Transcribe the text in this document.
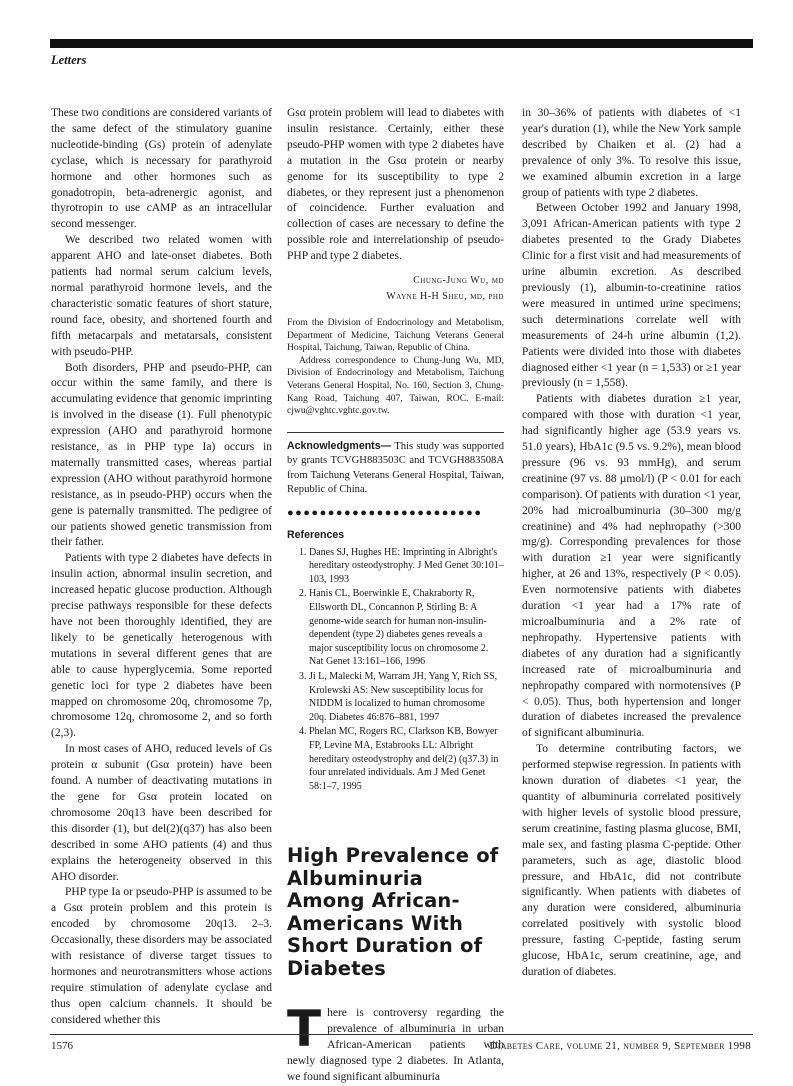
Letters

These two conditions are considered variants of the same defect of the stimulatory guanine nucleotide-binding (Gs) protein of adenylate cyclase, which is necessary for parathyroid hormone and other hormones such as gonadotropin, beta-adrenergic agonist, and thyrotropin to use cAMP as an intracellular second messenger.

We described two related women with apparent AHO and late-onset diabetes. Both patients had normal serum calcium levels, normal parathyroid hormone levels, and the characteristic somatic features of short stature, round face, obesity, and shortened fourth and fifth metacarpals and metatarsals, consistent with pseudo-PHP.

Both disorders, PHP and pseudo-PHP, can occur within the same family, and there is accumulating evidence that genomic imprinting is involved in the disease (1). Full phenotypic expression (AHO and parathyroid hormone resistance, as in PHP type Ia) occurs in maternally transmitted cases, whereas partial expression (AHO without parathyroid hormone resistance, as in pseudo-PHP) occurs when the gene is paternally transmitted. The pedigree of our patients showed genetic transmission from their father.

Patients with type 2 diabetes have defects in insulin action, abnormal insulin secretion, and increased hepatic glucose production. Although precise pathways responsible for these defects have not been thoroughly identified, they are likely to be genetically heterogenous with mutations in several different genes that are able to cause hyperglycemia. Some reported genetic loci for type 2 diabetes have been mapped on chromosome 20q, chromosome 7p, chromosome 12q, chromosome 2, and so forth (2,3).

In most cases of AHO, reduced levels of Gs protein α subunit (Gsα protein) have been found. A number of deactivating mutations in the gene for Gsα protein located on chromosome 20q13 have been described for this disorder (1), but del(2)(q37) has also been described in some AHO patients (4) and thus explains the heterogeneity observed in this AHO disorder.

PHP type Ia or pseudo-PHP is assumed to be a Gsα protein problem and this protein is encoded by chromosome 20q13. 2–3. Occasionally, these disorders may be associated with resistance of diverse target tissues to hormones and neurotransmitters whose actions require stimulation of adenylate cyclase and thus open calcium channels. It should be considered whether this

Gsα protein problem will lead to diabetes with insulin resistance. Certainly, either these pseudo-PHP women with type 2 diabetes have a mutation in the Gsα protein or nearby genome for its susceptibility to type 2 diabetes, or they represent just a phenomenon of coincidence. Further evaluation and collection of cases are necessary to define the possible role and interrelationship of pseudo-PHP and type 2 diabetes.

Chung-Jung Wu, md
Wayne H-H Sheu, md, phd

From the Division of Endocrinology and Metabolism, Department of Medicine, Taichung Veterans General Hospital, Taichung, Taiwan, Republic of China.

Address correspondence to Chung-Jung Wu, MD, Division of Endocrinology and Metabolism, Taichung Veterans General Hospital, No. 160, Section 3, Chung-Kang Road, Taichung 407, Taiwan, ROC. E-mail: cjwu@vghtc.vghtc.gov.tw.

Acknowledgments— This study was supported by grants TCVGH883503C and TCVGH883508A from Taichung Veterans General Hospital, Taiwan, Republic of China.

●●●●●●●●●●●●●●●●●●●●●●●●
References
1. Danes SJ, Hughes HE: Imprinting in Albright's hereditary osteodystrophy. J Med Genet 30:101–103, 1993
2. Hanis CL, Boerwinkle E, Chakraborty R, Ellsworth DL, Concannon P, Stirling B: A genome-wide search for human non-insulin-dependent (type 2) diabetes genes reveals a major susceptibility locus on chromosome 2. Nat Genet 13:161–166, 1996
3. Ji L, Malecki M, Warram JH, Yang Y, Rich SS, Krolewski AS: New susceptibility locus for NIDDM is localized to human chromosome 20q. Diabetes 46:876–881, 1997
4. Phelan MC, Rogers RC, Clarkson KB, Bowyer FP, Levine MA, Estabrooks LL: Albright hereditary osteodystrophy and del(2) (q37.3) in four unrelated individuals. Am J Med Genet 58:1–7, 1995
High Prevalence of Albuminuria Among African-Americans With Short Duration of Diabetes

There is controversy regarding the prevalence of albuminuria in urban African-American patients with newly diagnosed type 2 diabetes. In Atlanta, we found significant albuminuria

in 30–36% of patients with diabetes of <1 year's duration (1), while the New York sample described by Chaiken et al. (2) had a prevalence of only 3%. To resolve this issue, we examined albumin excretion in a large group of patients with type 2 diabetes.

Between October 1992 and January 1998, 3,091 African-American patients with type 2 diabetes presented to the Grady Diabetes Clinic for a first visit and had measurements of urine albumin excretion. As described previously (1), albumin-to-creatinine ratios were measured in untimed urine specimens; such determinations correlate well with measurements of 24-h urine albumin (1,2). Patients were divided into those with diabetes diagnosed either <1 year (n = 1,533) or ≥1 year previously (n = 1,558).

Patients with diabetes duration ≥1 year, compared with those with duration <1 year, had significantly higher age (53.9 years vs. 51.0 years), HbA1c (9.5 vs. 9.2%), mean blood pressure (96 vs. 93 mmHg), and serum creatinine (97 vs. 88 µmol/l) (P < 0.01 for each comparison). Of patients with duration <1 year, 20% had microalbuminuria (30–300 mg/g creatinine) and 4% had nephropathy (>300 mg/g). Corresponding prevalences for those with duration ≥1 year were significantly higher, at 26 and 13%, respectively (P < 0.05). Even normotensive patients with diabetes duration <1 year had a 17% rate of microalbuminuria and a 2% rate of nephropathy. Hypertensive patients with diabetes of any duration had a significantly increased rate of microalbuminuria and nephropathy compared with normotensives (P < 0.05). Thus, both hypertension and longer duration of diabetes increased the prevalence of significant albuminuria.

To determine contributing factors, we performed stepwise regression. In patients with known duration of diabetes <1 year, the quantity of albuminuria correlated positively with higher levels of systolic blood pressure, serum creatinine, fasting plasma glucose, BMI, male sex, and fasting plasma C-peptide. Other parameters, such as age, diastolic blood pressure, and HbA1c, did not contribute significantly. When patients with diabetes of any duration were considered, albuminuria correlated positively with systolic blood pressure, fasting C-peptide, fasting serum glucose, HbA1c, serum creatinine, age, and duration of diabetes.

1576	Diabetes Care, volume 21, number 9, September 1998
